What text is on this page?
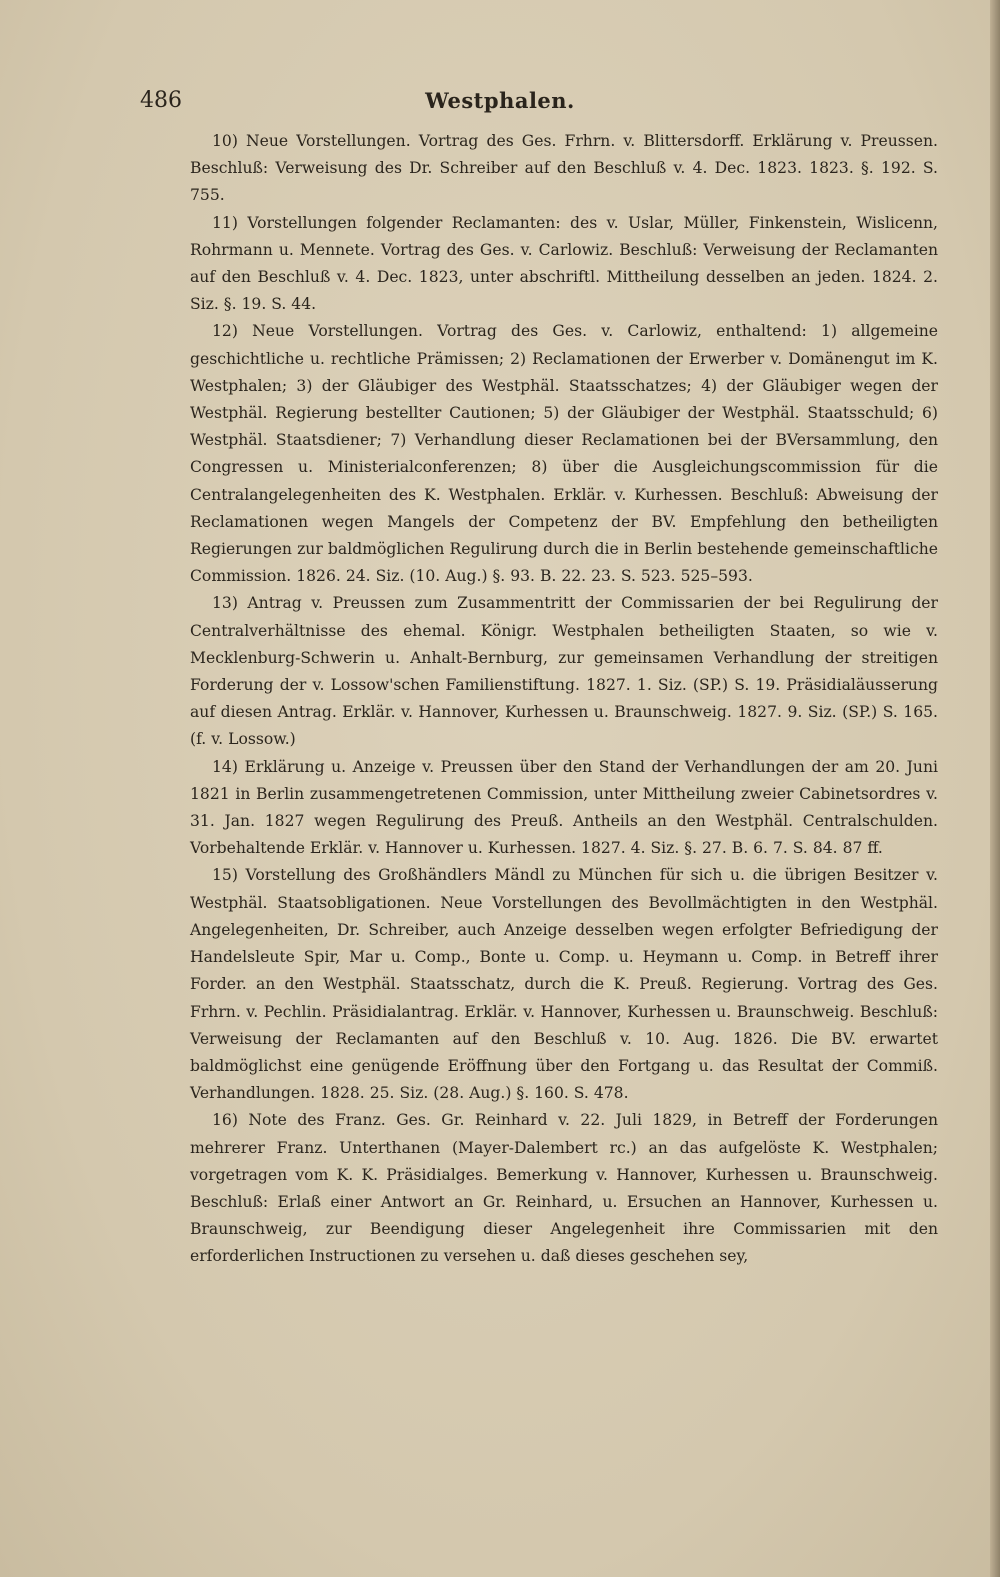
486	Westphalen.

10) Neue Vorstellungen. Vortrag des Ges. Frhrn. v. Blittersdorff. Erklärung v. Preussen. Beschluß: Verweisung des Dr. Schreiber auf den Beschluß v. 4. Dec. 1823. 1823. §. 192. S. 755.

11) Vorstellungen folgender Reclamanten: des v. Uslar, Müller, Finkenstein, Wislicenn, Rohrmann u. Mennete. Vortrag des Ges. v. Carlowiz. Beschluß: Verweisung der Reclamanten auf den Beschluß v. 4. Dec. 1823, unter abschriftl. Mittheilung desselben an jeden. 1824. 2. Siz. §. 19. S. 44.

12) Neue Vorstellungen. Vortrag des Ges. v. Carlowiz, enthaltend: 1) allgemeine geschichtliche u. rechtliche Prämissen; 2) Reclamationen der Erwerber v. Domänengut im K. Westphalen; 3) der Gläubiger des Westphäl. Staatsschatzes; 4) der Gläubiger wegen der Westphäl. Regierung bestellter Cautionen; 5) der Gläubiger der Westphäl. Staatsschuld; 6) Westphäl. Staatsdiener; 7) Verhandlung dieser Reclamationen bei der BVersammlung, den Congressen u. Ministerialconferenzen; 8) über die Ausgleichungscommission für die Centralangelegenheiten des K. Westphalen. Erklär. v. Kurhessen. Beschluß: Abweisung der Reclamationen wegen Mangels der Competenz der BV. Empfehlung den betheiligten Regierungen zur baldmöglichen Regulirung durch die in Berlin bestehende gemeinschaftliche Commission. 1826. 24. Siz. (10. Aug.) §. 93. B. 22. 23. S. 523. 525–593.

13) Antrag v. Preussen zum Zusammentritt der Commissarien der bei Regulirung der Centralverhältnisse des ehemal. Königr. Westphalen betheiligten Staaten, so wie v. Mecklenburg-Schwerin u. Anhalt-Bernburg, zur gemeinsamen Verhandlung der streitigen Forderung der v. Lossow'schen Familienstiftung. 1827. 1. Siz. (SP.) S. 19. Präsidialäusserung auf diesen Antrag. Erklär. v. Hannover, Kurhessen u. Braunschweig. 1827. 9. Siz. (SP.) S. 165. (f. v. Lossow.)

14) Erklärung u. Anzeige v. Preussen über den Stand der Verhandlungen der am 20. Juni 1821 in Berlin zusammengetretenen Commission, unter Mittheilung zweier Cabinetsordres v. 31. Jan. 1827 wegen Regulirung des Preuß. Antheils an den Westphäl. Centralschulden. Vorbehaltende Erklär. v. Hannover u. Kurhessen. 1827. 4. Siz. §. 27. B. 6. 7. S. 84. 87 ff.

15) Vorstellung des Großhändlers Mändl zu München für sich u. die übrigen Besitzer v. Westphäl. Staatsobligationen. Neue Vorstellungen des Bevollmächtigten in den Westphäl. Angelegenheiten, Dr. Schreiber, auch Anzeige desselben wegen erfolgter Befriedigung der Handelsleute Spir, Mar u. Comp., Bonte u. Comp. u. Heymann u. Comp. in Betreff ihrer Forder. an den Westphäl. Staatsschatz, durch die K. Preuß. Regierung. Vortrag des Ges. Frhrn. v. Pechlin. Präsidialantrag. Erklär. v. Hannover, Kurhessen u. Braunschweig. Beschluß: Verweisung der Reclamanten auf den Beschluß v. 10. Aug. 1826. Die BV. erwartet baldmöglichst eine genügende Eröffnung über den Fortgang u. das Resultat der Commiß. Verhandlungen. 1828. 25. Siz. (28. Aug.) §. 160. S. 478.

16) Note des Franz. Ges. Gr. Reinhard v. 22. Juli 1829, in Betreff der Forderungen mehrerer Franz. Unterthanen (Mayer-Dalembert rc.) an das aufgelöste K. Westphalen; vorgetragen vom K. K. Präsidialges. Bemerkung v. Hannover, Kurhessen u. Braunschweig. Beschluß: Erlaß einer Antwort an Gr. Reinhard, u. Ersuchen an Hannover, Kurhessen u. Braunschweig, zur Beendigung dieser Angelegenheit ihre Commissarien mit den erforderlichen Instructionen zu versehen u. daß dieses geschehen sey,
